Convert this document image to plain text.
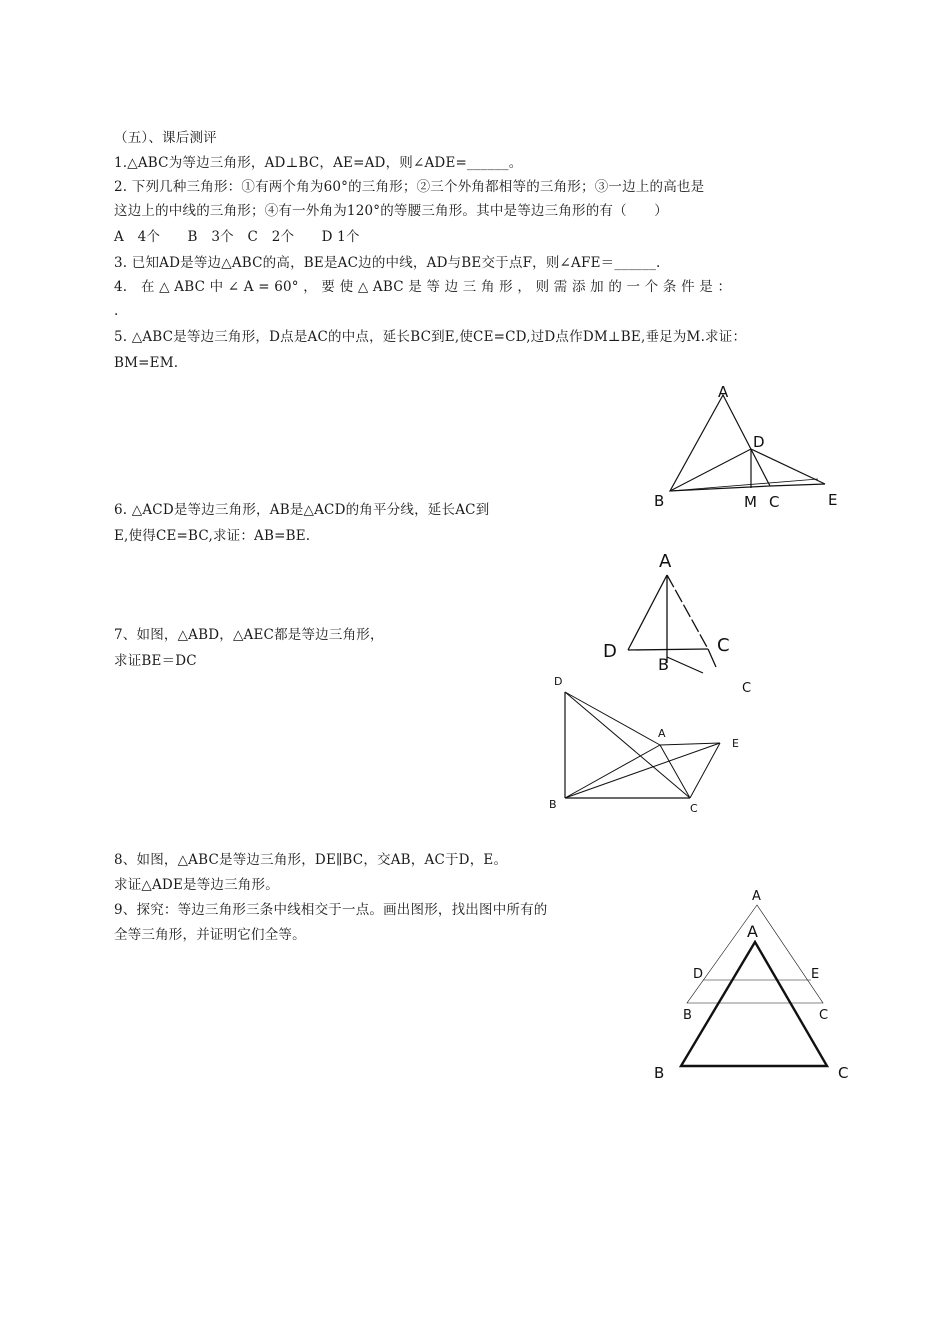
（五）、课后测评
1.△ABC为等边三角形，AD⊥BC，AE=AD，则∠ADE=______。
2. 下列几种三角形：①有两个角为60°的三角形；②三个外角都相等的三角形；③一边上的高也是
这边上的中线的三角形；④有一外角为120°的等腰三角形。其中是等边三角形的有（　　）
A　4个　　B　3个　C　2个　　D 1个
3. 已知AD是等边△ABC的高，BE是AC边的中线，AD与BE交于点F，则∠AFE＝______.
4.　在 △ ABC 中 ∠ A = 60° ， 要 使 △ ABC 是 等 边 三 角 形 ， 则 需 添 加 的 一 个 条 件 是 ：
.
5. △ABC是等边三角形，D点是AC的中点，延长BC到E,使CE=CD,过D点作DM⊥BE,垂足为M.求证：
BM=EM.
6. △ACD是等边三角形，AB是△ACD的角平分线，延长AC到
E,使得CE=BC,求证：AB=BE.
7、如图，△ABD，△AEC都是等边三角形，
求证BE＝DC
8、如图，△ABC是等边三角形，DE∥BC，交AB，AC于D，E。
求证△ADE是等边三角形。
9、探究：等边三角形三条中线相交于一点。画出图形，找出图中所有的
全等三角形，并证明它们全等。
A
D
B	M C	E
A
D	C
B
C
D
A
E
B	C
A
D	E
B	C
A
B	C
